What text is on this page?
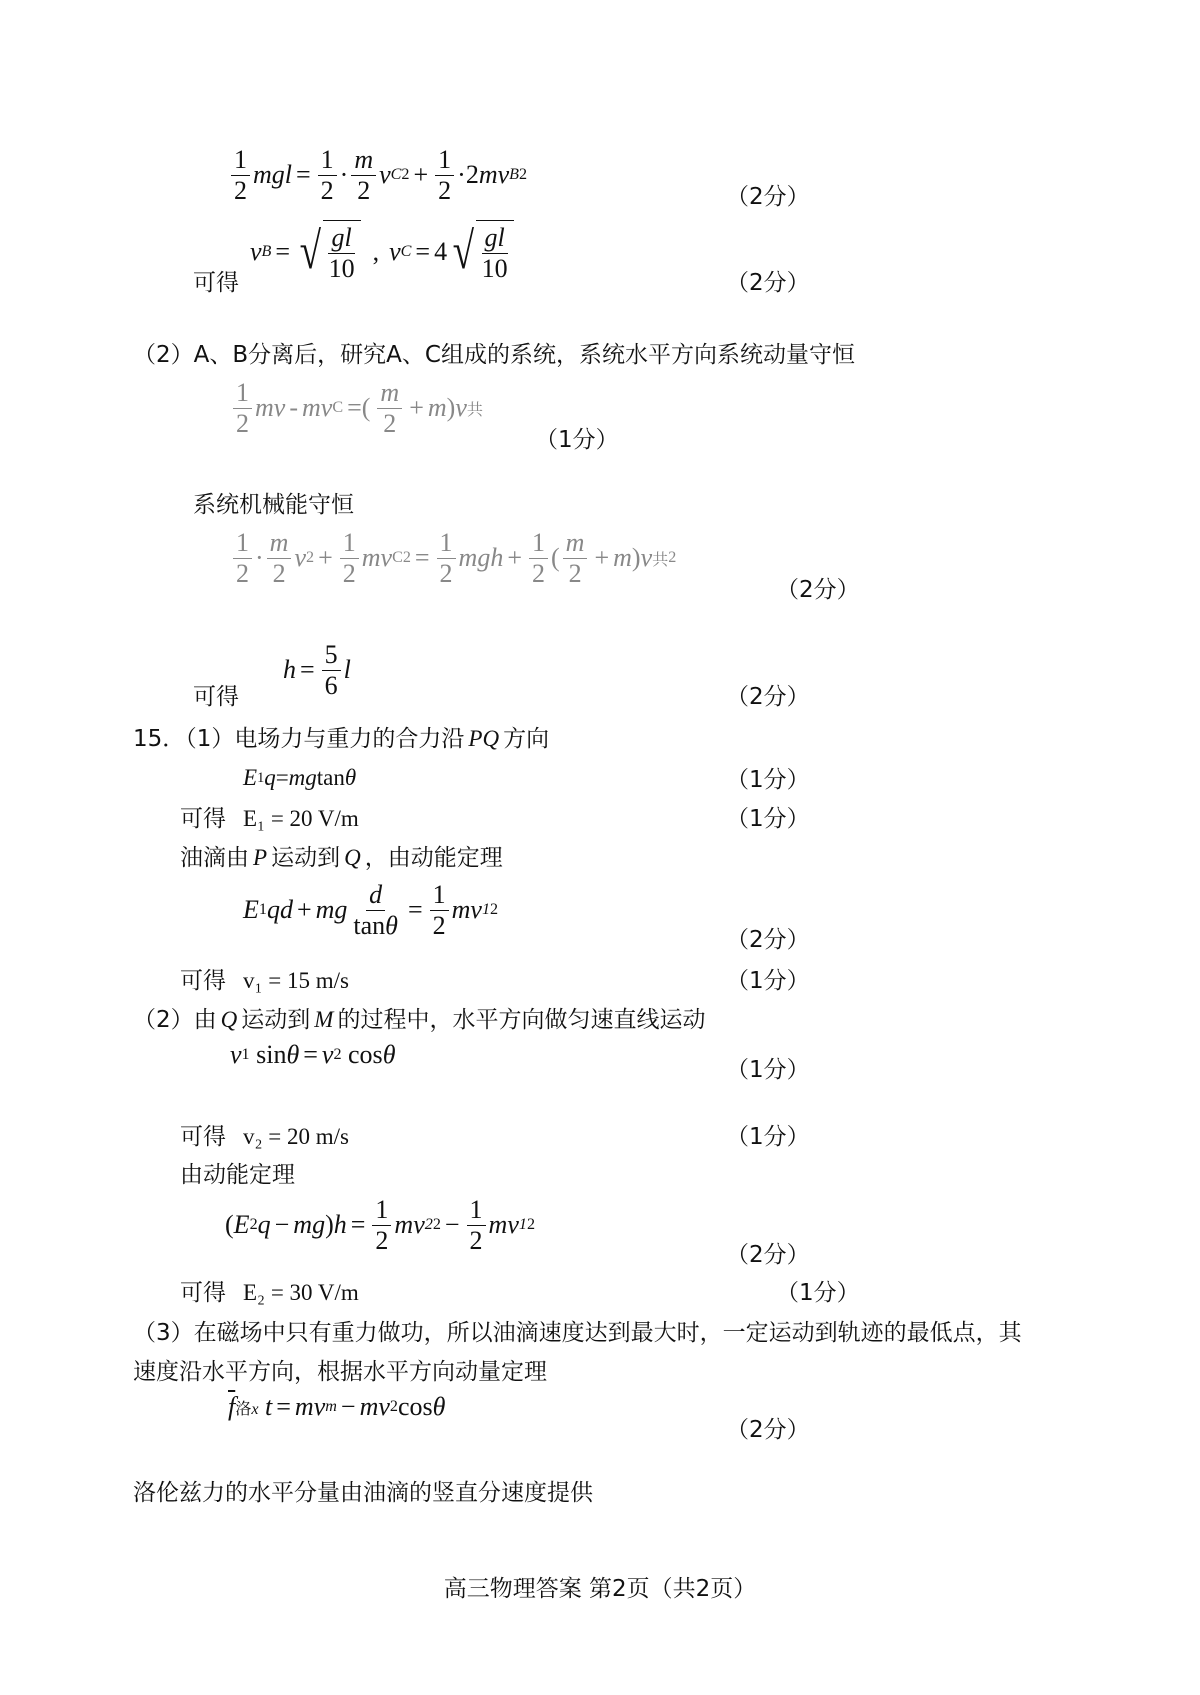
$\frac{1}{2}$ mgl = $\frac{1}{2} \cdot \frac{m}{2}$ v C $2 + \frac{1}{2} \cdot 2$ mv B 2
（2分）
可得
v B = √ $\frac{gl}{10}$ , v C = 4 √ $\frac{gl}{10}$	（2分）
（2）A、B分离后，研究A、C组成的系统，系统水平方向系统动量守恒
$\frac{1}{2}$ mv - mv C =( $\frac{m}{2} + m$ ) v 共
（1分）
系统机械能守恒
$\frac{1}{2} \cdot \frac{m}{2}$ v $2 + \frac{1}{2}$ mv C $2 = \frac{1}{2}$ mgh + $\frac{1}{2}$ ( $\frac{m}{2} + m$ ) v 共 2
（2分）
可得
$h = \frac{5}{6}$ l
（2分）
15．（1）电场力与重力的合力沿 PQ 方向
E 1 q = mg tan θ	（1分）
可得 E₁ = 20 V/m	（1分）
油滴由 P 运动到 Q ，由动能定理
E 1 qd + mg $\frac{d}{\tan\theta} = \frac{1}{2}$ mv 1 2
（2分）
可得 v₁ = 15 m/s	（1分）
（2）由 Q 运动到 M 的过程中，水平方向做匀速直线运动
v 1 sin θ = v 2 cos θ
（1分）
可得 v₂ = 20 m/s	（1分）
由动能定理
( E 2 q − mg ) $h = \frac{1}{2}$ mv 2 $2 - \frac{1}{2}$ mv 1 2
（2分）
可得 E₂ = 30 V/m	（1分）
（3）在磁场中只有重力做功，所以油滴速度达到最大时，一定运动到轨迹的最低点，其
速度沿水平方向，根据水平方向动量定理
$\overline{f}$ 洛x
t = mv m − mv 2 cos θ
（2分）
洛伦兹力的水平分量由油滴的竖直分速度提供
高三物理答案 第2页（共2页）
